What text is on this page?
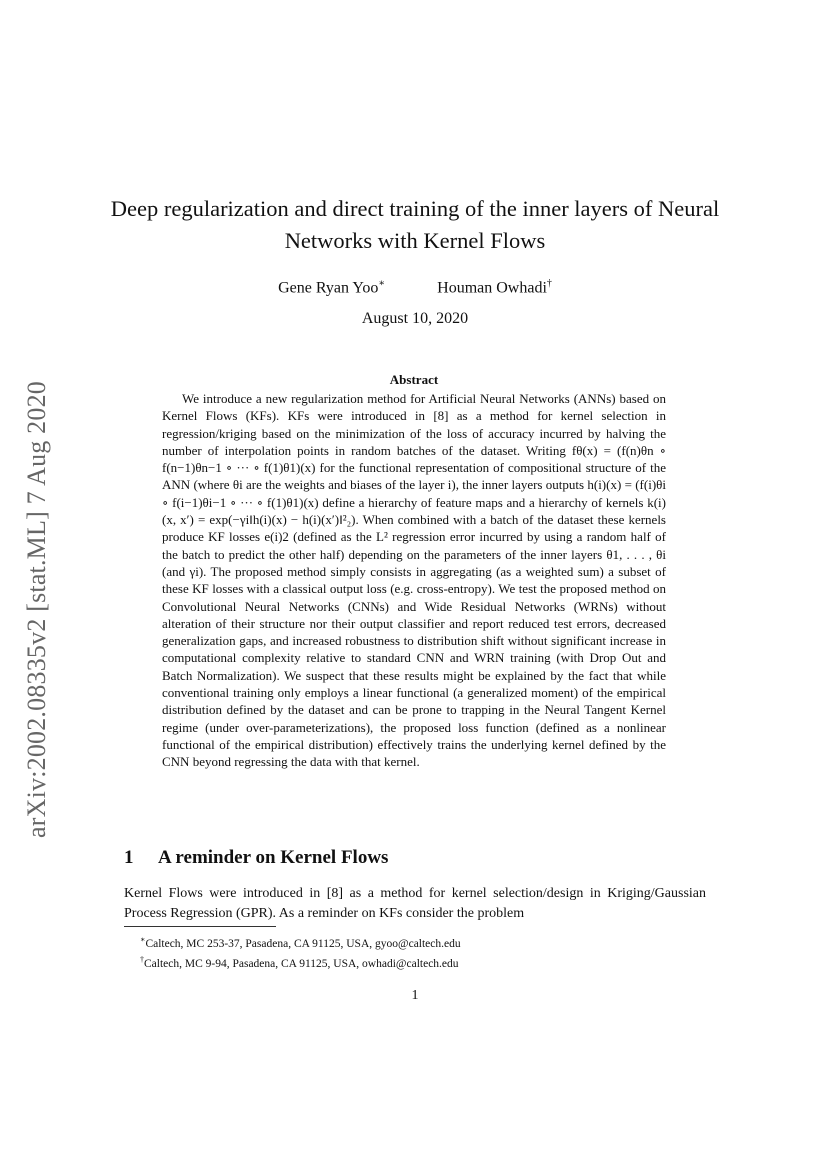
arXiv:2002.08335v2 [stat.ML] 7 Aug 2020
Deep regularization and direct training of the inner layers of Neural Networks with Kernel Flows
Gene Ryan Yoo∗	Houman Owhadi†
August 10, 2020
Abstract

We introduce a new regularization method for Artificial Neural Networks (ANNs) based on Kernel Flows (KFs). KFs were introduced in [8] as a method for kernel selection in regression/kriging based on the minimization of the loss of accuracy incurred by halving the number of interpolation points in random batches of the dataset. Writing fθ(x) = (f(n)θn ∘ f(n−1)θn−1 ∘ ··· ∘ f(1)θ1)(x) for the functional representation of compositional structure of the ANN (where θi are the weights and biases of the layer i), the inner layers outputs h(i)(x) = (f(i)θi ∘ f(i−1)θi−1 ∘ ··· ∘ f(1)θ1)(x) define a hierarchy of feature maps and a hierarchy of kernels k(i)(x, x′) = exp(−γi‖h(i)(x) − h(i)(x′)‖²₂). When combined with a batch of the dataset these kernels produce KF losses e(i)2 (defined as the L² regression error incurred by using a random half of the batch to predict the other half) depending on the parameters of the inner layers θ1, . . . , θi (and γi). The proposed method simply consists in aggregating (as a weighted sum) a subset of these KF losses with a classical output loss (e.g. cross-entropy). We test the proposed method on Convolutional Neural Networks (CNNs) and Wide Residual Networks (WRNs) without alteration of their structure nor their output classifier and report reduced test errors, decreased generalization gaps, and increased robustness to distribution shift without significant increase in computational complexity relative to standard CNN and WRN training (with Drop Out and Batch Normalization). We suspect that these results might be explained by the fact that while conventional training only employs a linear functional (a generalized moment) of the empirical distribution defined by the dataset and can be prone to trapping in the Neural Tangent Kernel regime (under over-parameterizations), the proposed loss function (defined as a nonlinear functional of the empirical distribution) effectively trains the underlying kernel defined by the CNN beyond regressing the data with that kernel.

1 A reminder on Kernel Flows

Kernel Flows were introduced in [8] as a method for kernel selection/design in Kriging/Gaussian Process Regression (GPR). As a reminder on KFs consider the problem

∗Caltech, MC 253-37, Pasadena, CA 91125, USA, gyoo@caltech.edu
†Caltech, MC 9-94, Pasadena, CA 91125, USA, owhadi@caltech.edu
1
